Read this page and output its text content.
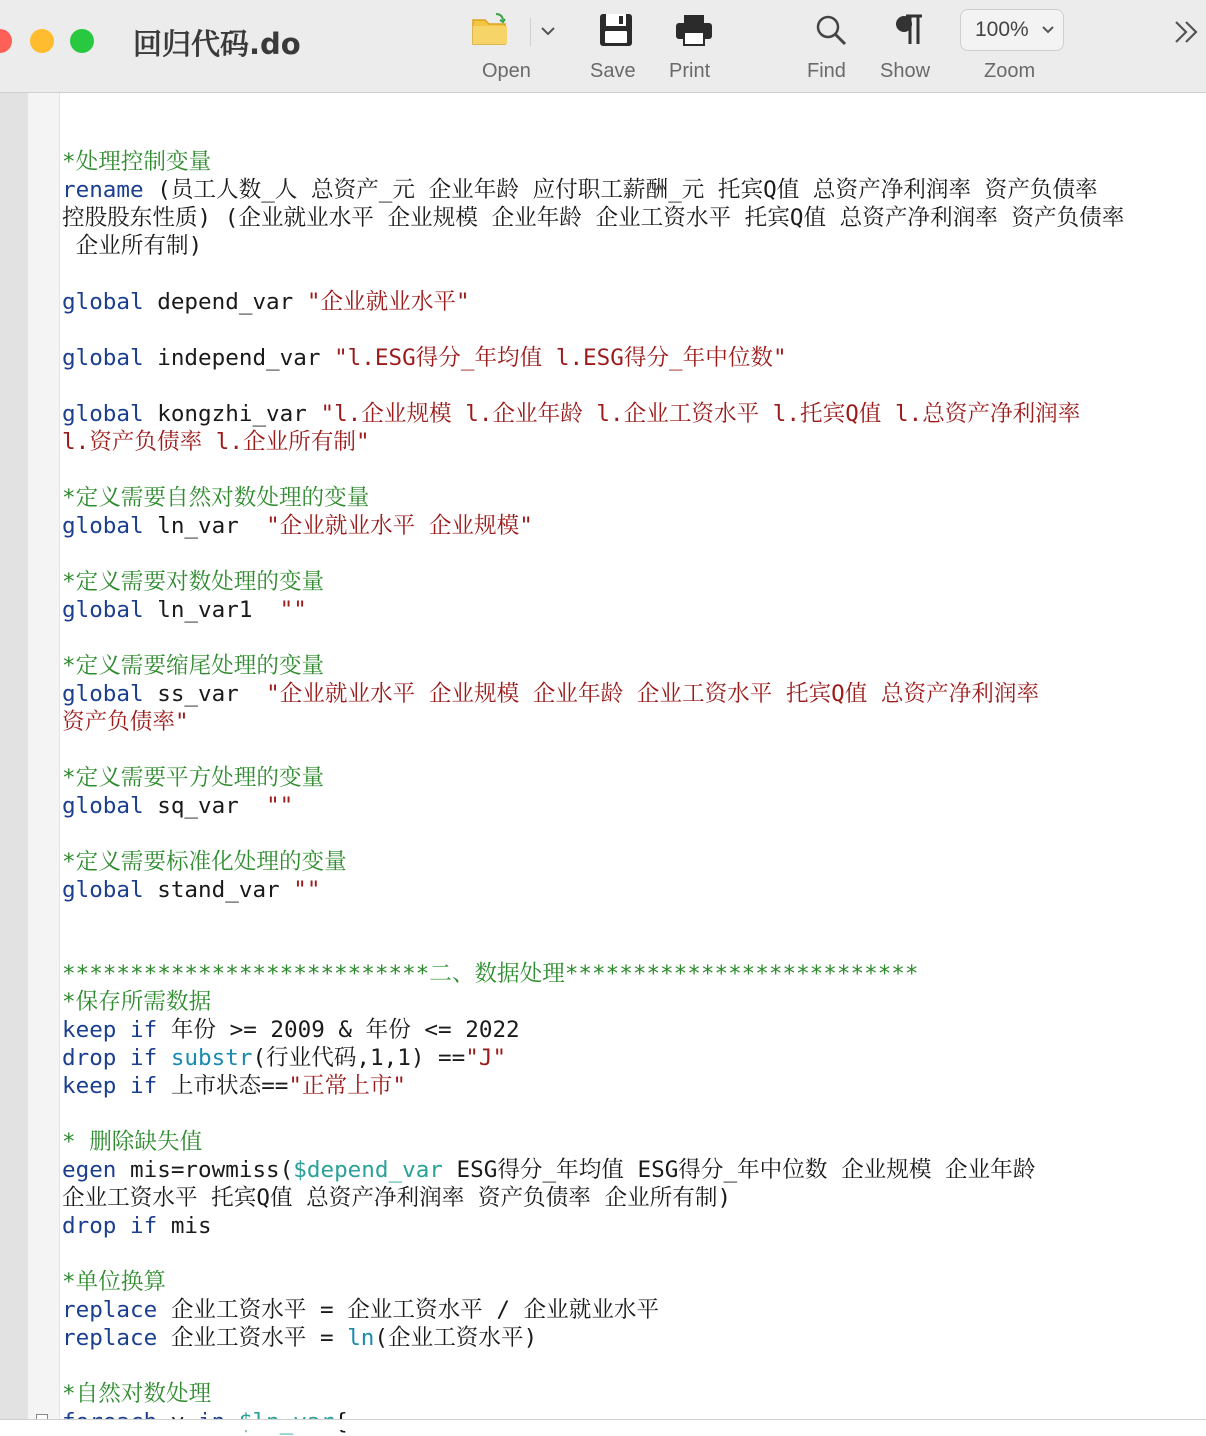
回归代码.do
Open	Save Print	Find Show
100%
Zoom
*处理控制变量
rename (员工人数_人 总资产_元 企业年龄 应付职工薪酬_元 托宾Q值 总资产净利润率 资产负债率
控股股东性质) (企业就业水平 企业规模 企业年龄 企业工资水平 托宾Q值 总资产净利润率 资产负债率
企业所有制)

global depend_var "企业就业水平"

global independ_var "l.ESG得分_年均值 l.ESG得分_年中位数"

global kongzhi_var "l.企业规模 l.企业年龄 l.企业工资水平 l.托宾Q值 l.总资产净利润率
l.资产负债率 l.企业所有制"

*定义需要自然对数处理的变量
global ln_var  "企业就业水平 企业规模"

*定义需要对数处理的变量
global ln_var1  ""

*定义需要缩尾处理的变量
global ss_var  "企业就业水平 企业规模 企业年龄 企业工资水平 托宾Q值 总资产净利润率
资产负债率"

*定义需要平方处理的变量
global sq_var  ""

*定义需要标准化处理的变量
global stand_var ""

***************************二、数据处理**************************
*保存所需数据
keep if 年份 >= 2009 & 年份 <= 2022
drop if substr(行业代码,1,1) =="J"
keep if 上市状态=="正常上市"

* 删除缺失值
egen mis=rowmiss($depend_var ESG得分_年均值 ESG得分_年中位数 企业规模 企业年龄
企业工资水平 托宾Q值 总资产净利润率 资产负债率 企业所有制)
drop if mis

*单位换算
replace 企业工资水平 = 企业工资水平 / 企业就业水平
replace 企业工资水平 = ln(企业工资水平)

*自然对数处理
